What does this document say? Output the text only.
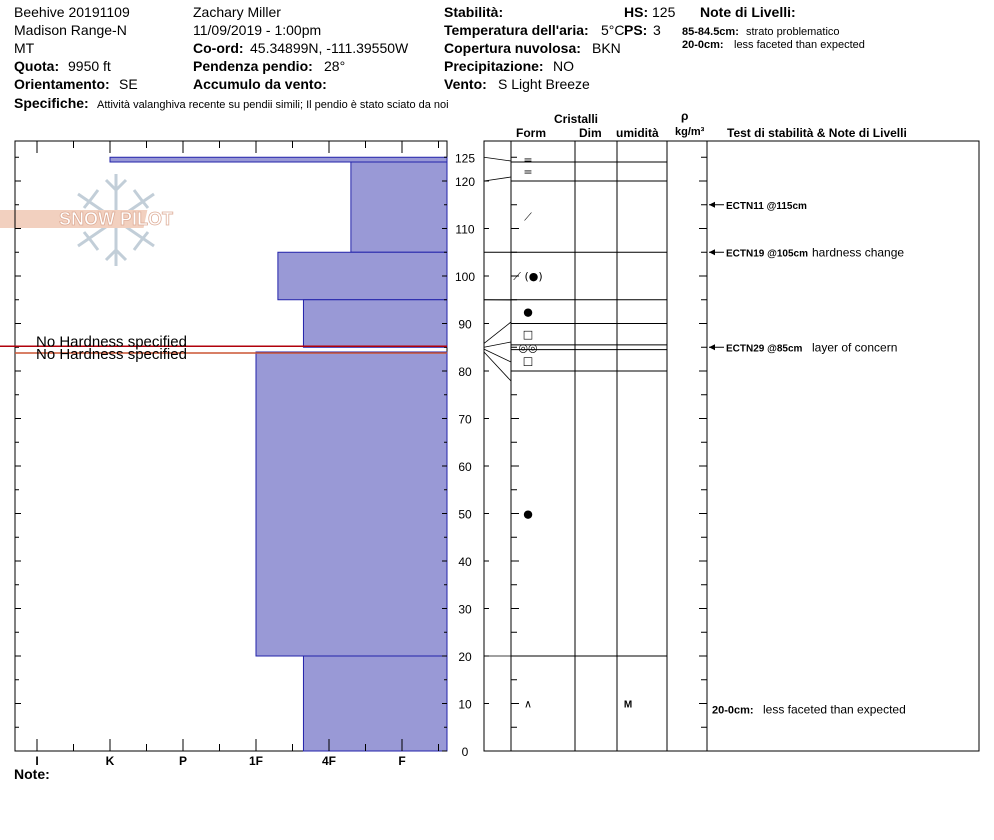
Beehive 20191109
Madison Range-N
MT
Quota: 9950 ft
Orientamento: SE
Zachary Miller
11/09/2019 - 1:00pm
Co-ord: 45.34899N, -111.39550W
Pendenza pendio: 28°
Accumulo da vento:
Stabilità:	HS: 125
Temperatura dell'aria: 5°C PS: 3
Copertura nuvolosa: BKN
Precipitazione: NO
Vento: S Light Breeze
Note di Livelli:
85-84.5cm: strato problematico
20-0cm: less faceted than expected
Specifiche: Attività valanghiva recente su pendii simili; Il pendio è stato sciato da noi
Cristalli
Form	Dim umidità
ρ
kg/m³ Test di stabilità & Note di Livelli
SNOW PILOT
I	K	P	1F	4F	F
0
10
20
30
40
50
60
70
80
90
100
110
120
125
No Hardness specified
No Hardness specified
=
=
⟋
⟋ (●)
●
□
◎◎
□
●
∧	M
ECTN11 @115cm
ECTN19 @105cm hardness change
ECTN29 @85cm layer of concern
20-0cm: less faceted than expected
Note:
